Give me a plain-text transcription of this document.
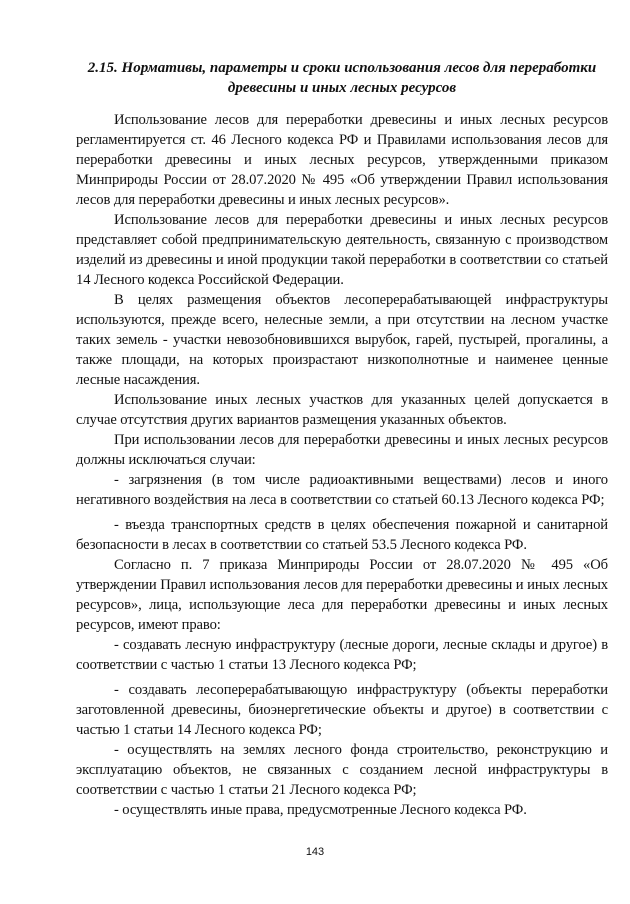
2.15. Нормативы, параметры и сроки использования лесов для переработки
древесины и иных лесных ресурсов

Использование лесов для переработки древесины и иных лесных ресурсов регламентируется ст. 46 Лесного кодекса РФ и Правилами использования лесов для переработки древесины и иных лесных ресурсов, утвержденными приказом Минприроды России от 28.07.2020 № 495 «Об утверждении Правил использования лесов для переработки древесины и иных лесных ресурсов».

Использование лесов для переработки древесины и иных лесных ресурсов представляет собой предпринимательскую деятельность, связанную с производством изделий из древесины и иной продукции такой переработки в соответствии со статьей 14 Лесного кодекса Российской Федерации.

В целях размещения объектов лесоперерабатывающей инфраструктуры используются, прежде всего, нелесные земли, а при отсутствии на лесном участке таких земель - участки невозобновившихся вырубок, гарей, пустырей, прогалины, а также площади, на которых произрастают низкополнотные и наименее ценные лесные насаждения.

Использование иных лесных участков для указанных целей допускается в случае отсутствия других вариантов размещения указанных объектов.

При использовании лесов для переработки древесины и иных лесных ресурсов должны исключаться случаи:

- загрязнения (в том числе радиоактивными веществами) лесов и иного негативного воздействия на леса в соответствии со статьей 60.13 Лесного кодекса РФ;

- въезда транспортных средств в целях обеспечения пожарной и санитарной безопасности в лесах в соответствии со статьей 53.5 Лесного кодекса РФ.

Согласно п. 7 приказа Минприроды России от 28.07.2020 № 495 «Об утверждении Правил использования лесов для переработки древесины и иных лесных ресурсов», лица, использующие леса для переработки древесины и иных лесных ресурсов, имеют право:

- создавать лесную инфраструктуру (лесные дороги, лесные склады и другое) в соответствии с частью 1 статьи 13 Лесного кодекса РФ;

- создавать лесоперерабатывающую инфраструктуру (объекты переработки заготовленной древесины, биоэнергетические объекты и другое) в соответствии с частью 1 статьи 14 Лесного кодекса РФ;

- осуществлять на землях лесного фонда строительство, реконструкцию и эксплуатацию объектов, не связанных с созданием лесной инфраструктуры в соответствии с частью 1 статьи 21 Лесного кодекса РФ;

- осуществлять иные права, предусмотренные Лесного кодекса РФ.

143
